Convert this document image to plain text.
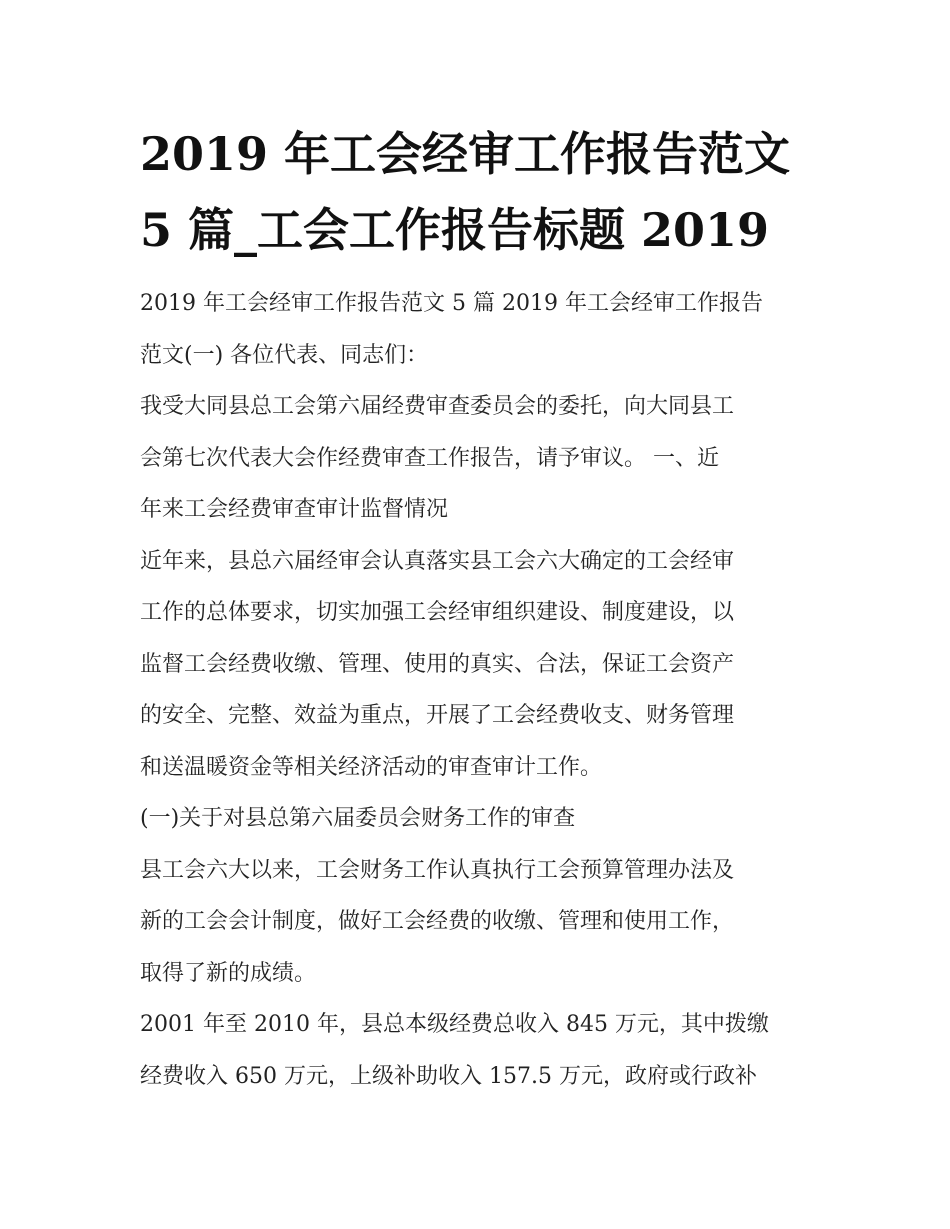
2019 年工会经审工作报告范文
5 篇_工会工作报告标题 2019
2019 年工会经审工作报告范文 5 篇 2019 年工会经审工作报告
范文(一) 各位代表、同志们：
我受大同县总工会第六届经费审查委员会的委托，向大同县工
会第七次代表大会作经费审查工作报告，请予审议。 一、近
年来工会经费审查审计监督情况
近年来，县总六届经审会认真落实县工会六大确定的工会经审
工作的总体要求，切实加强工会经审组织建设、制度建设，以
监督工会经费收缴、管理、使用的真实、合法，保证工会资产
的安全、完整、效益为重点，开展了工会经费收支、财务管理
和送温暖资金等相关经济活动的审查审计工作。
(一)关于对县总第六届委员会财务工作的审查
县工会六大以来，工会财务工作认真执行工会预算管理办法及
新的工会会计制度，做好工会经费的收缴、管理和使用工作，
取得了新的成绩。
2001 年至 2010 年，县总本级经费总收入 845 万元，其中拨缴
经费收入 650 万元，上级补助收入 157.5 万元，政府或行政补
